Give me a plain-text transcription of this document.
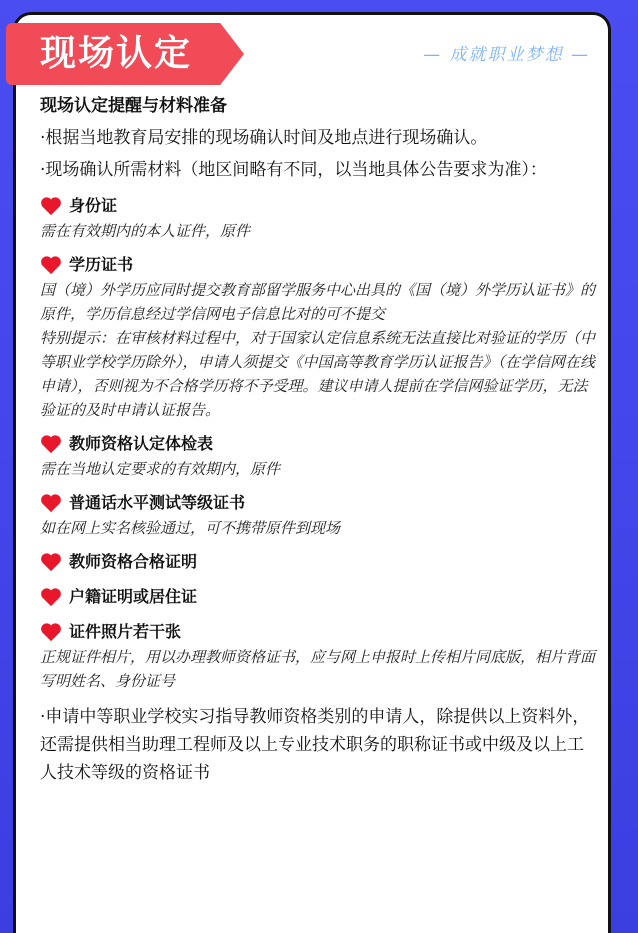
现场认定	— 成就职业梦想 —
现场认定提醒与材料准备
·根据当地教育局安排的现场确认时间及地点进行现场确认。
·现场确认所需材料（地区间略有不同，以当地具体公告要求为准）：
身份证
需在有效期内的本人证件，原件
学历证书
国（境）外学历应同时提交教育部留学服务中心出具的《国（境）外学历认证书》的原件，学历信息经过学信网电子信息比对的可不提交
特别提示：在审核材料过程中，对于国家认定信息系统无法直接比对验证的学历（中等职业学校学历除外），申请人须提交《中国高等教育学历认证报告》（在学信网在线申请），否则视为不合格学历将不予受理。建议申请人提前在学信网验证学历，无法验证的及时申请认证报告。
教师资格认定体检表
需在当地认定要求的有效期内，原件
普通话水平测试等级证书
如在网上实名核验通过，可不携带原件到现场
教师资格合格证明
户籍证明或居住证
证件照片若干张
正规证件相片，用以办理教师资格证书，应与网上申报时上传相片同底版，相片背面写明姓名、身份证号
·申请中等职业学校实习指导教师资格类别的申请人，除提供以上资料外，还需提供相当助理工程师及以上专业技术职务的职称证书或中级及以上工人技术等级的资格证书
